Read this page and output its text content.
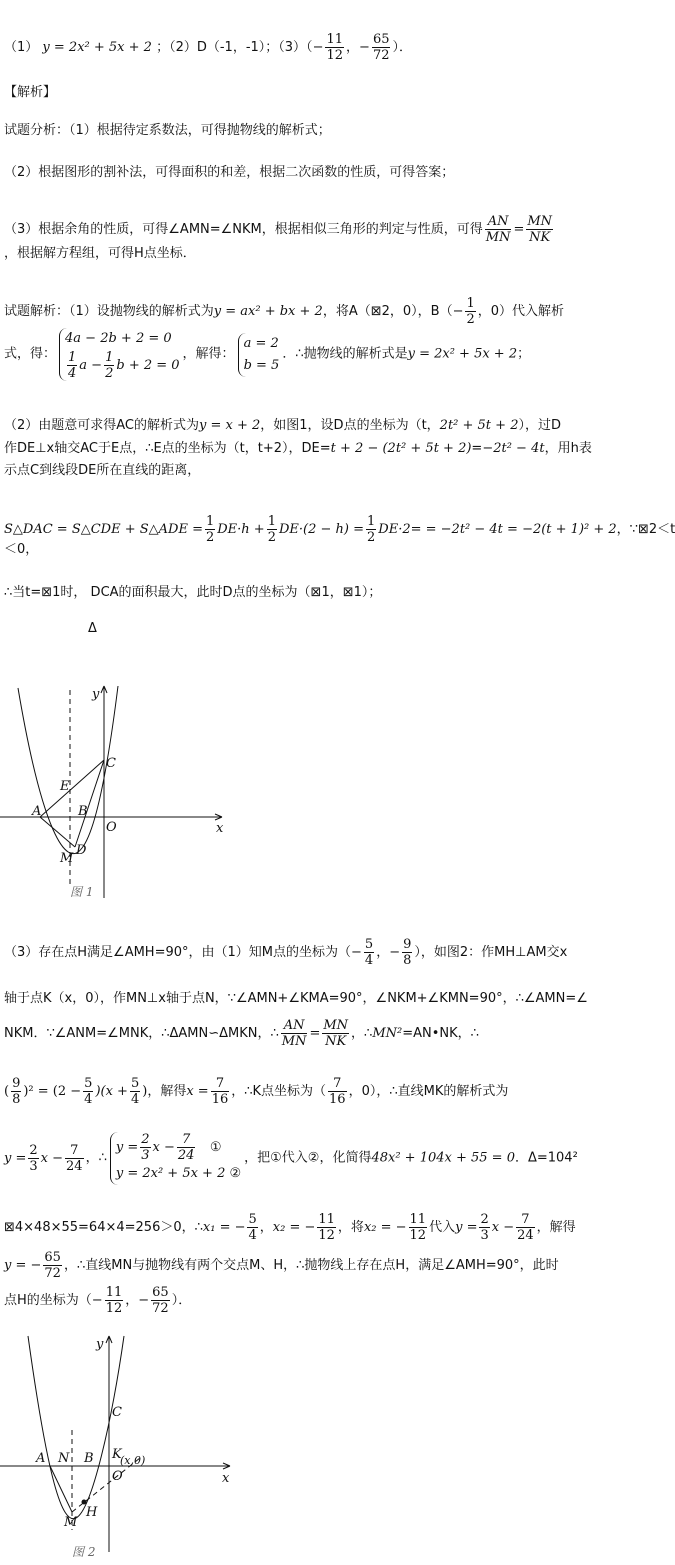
（1） y = 2x² + 5x + 2 ；（2）D（-1，-1）；$(3)(- \frac{11}{12}$ ，− $\frac{65}{72}$ ）．
【解析】
试题分析：（1）根据待定系数法，可得抛物线的解析式；
（2）根据图形的割补法，可得面积的和差，根据二次函数的性质，可得答案；
（3）根据余角的性质，可得∠AMN=∠NKM，根据相似三角形的判定与性质，可得 $\frac{AN}{MN} = \frac{MN}{NK}$
，根据解方程组，可得H点坐标．
试题解析：（1）设抛物线的解析式为y = ax² + bx + 2，将A（⊠2，0），$B(- \frac{1}{2}$ ，0）代入解析
式，得：
4a − 2b + 2 = 0
$\frac{1}{4}$ $a - \frac{1}{2}$ b + 2 = 0
，解得：
a = 2
b = 5
．∴抛物线的解析式是y = 2x² + 5x + 2；
（2）由题意可求得AC的解析式为y = x + 2，如图1，设D点的坐标为（t，2t² + 5t + 2），过D
作DE⊥x轴交AC于E点，∴E点的坐标为（t，t+2），DE=t + 2 − (2t² + 5t + 2)=−2t² − 4t，用h表
示点C到线段DE所在直线的距离，
S△DAC = S△CDE + S△ADE = $\frac{1}{2} DE\cdot h + \frac{1}{2} DE\cdot(2 - h) = \frac{1}{2} DE\cdot 2= = -2t^2 - 4t = -2(t + 1)^2 + 2$，∵⊠2＜t
＜0，
∴当t=⊠1时， DCA的面积最大，此时D点的坐标为（⊠1，⊠1）；
Δ
y
x
O
A	B
C
D
E
M
图 1
（3）存在点H满足∠AMH=90°，由（1）知M点的坐标为（− $\frac{5}{4}$ ，− $\frac{9}{8}$ ），如图2：作MH⊥AM交x
轴于点K（x，0），作MN⊥x轴于点N，∵∠AMN+∠KMA=90°，∠NKM+∠KMN=90°，∴∠AMN=∠
NKM．∵∠ANM=∠MNK，∴ΔAMN∽ΔMKN，∴ $\frac{AN}{MN} = \frac{MN}{NK}$ ，∴MN²=AN•NK，∴
( $\frac{9}{8} )^2 = (2 - \frac{5}{4} )(x + \frac{5}{4}$ )，解得$x = \frac{7}{16}$ ，∴K点坐标为（ $\frac{7}{16}$ ，0），∴直线MK的解析式为
$y = \frac{2}{3}$ $x - \frac{7}{24}$ ，∴
$y = \frac{2}{3}$ $x - \frac{7}{24}$ ①
y = 2x² + 5x + 2 ②
，把①代入②，化简得48x² + 104x + 55 = 0．Δ=104²
⊠4×48×55=64×4=256＞0，∴x₁ = − $\frac{5}{4}$ ，x₂ = − $\frac{11}{12}$ ，将x₂ = − $\frac{11}{12}$ 代入$y = \frac{2}{3}$ $x - \frac{7}{24}$ ，解得
y = − $\frac{65}{72}$ ，∴直线MN与抛物线有两个交点M、H，∴抛物线上存在点H，满足∠AMH=90°，此时
点H的坐标为（− $\frac{11}{12}$ ，− $\frac{65}{72}$ ）．
y
x
O
A N B
C
K
(x,0)
H
M
图 2
